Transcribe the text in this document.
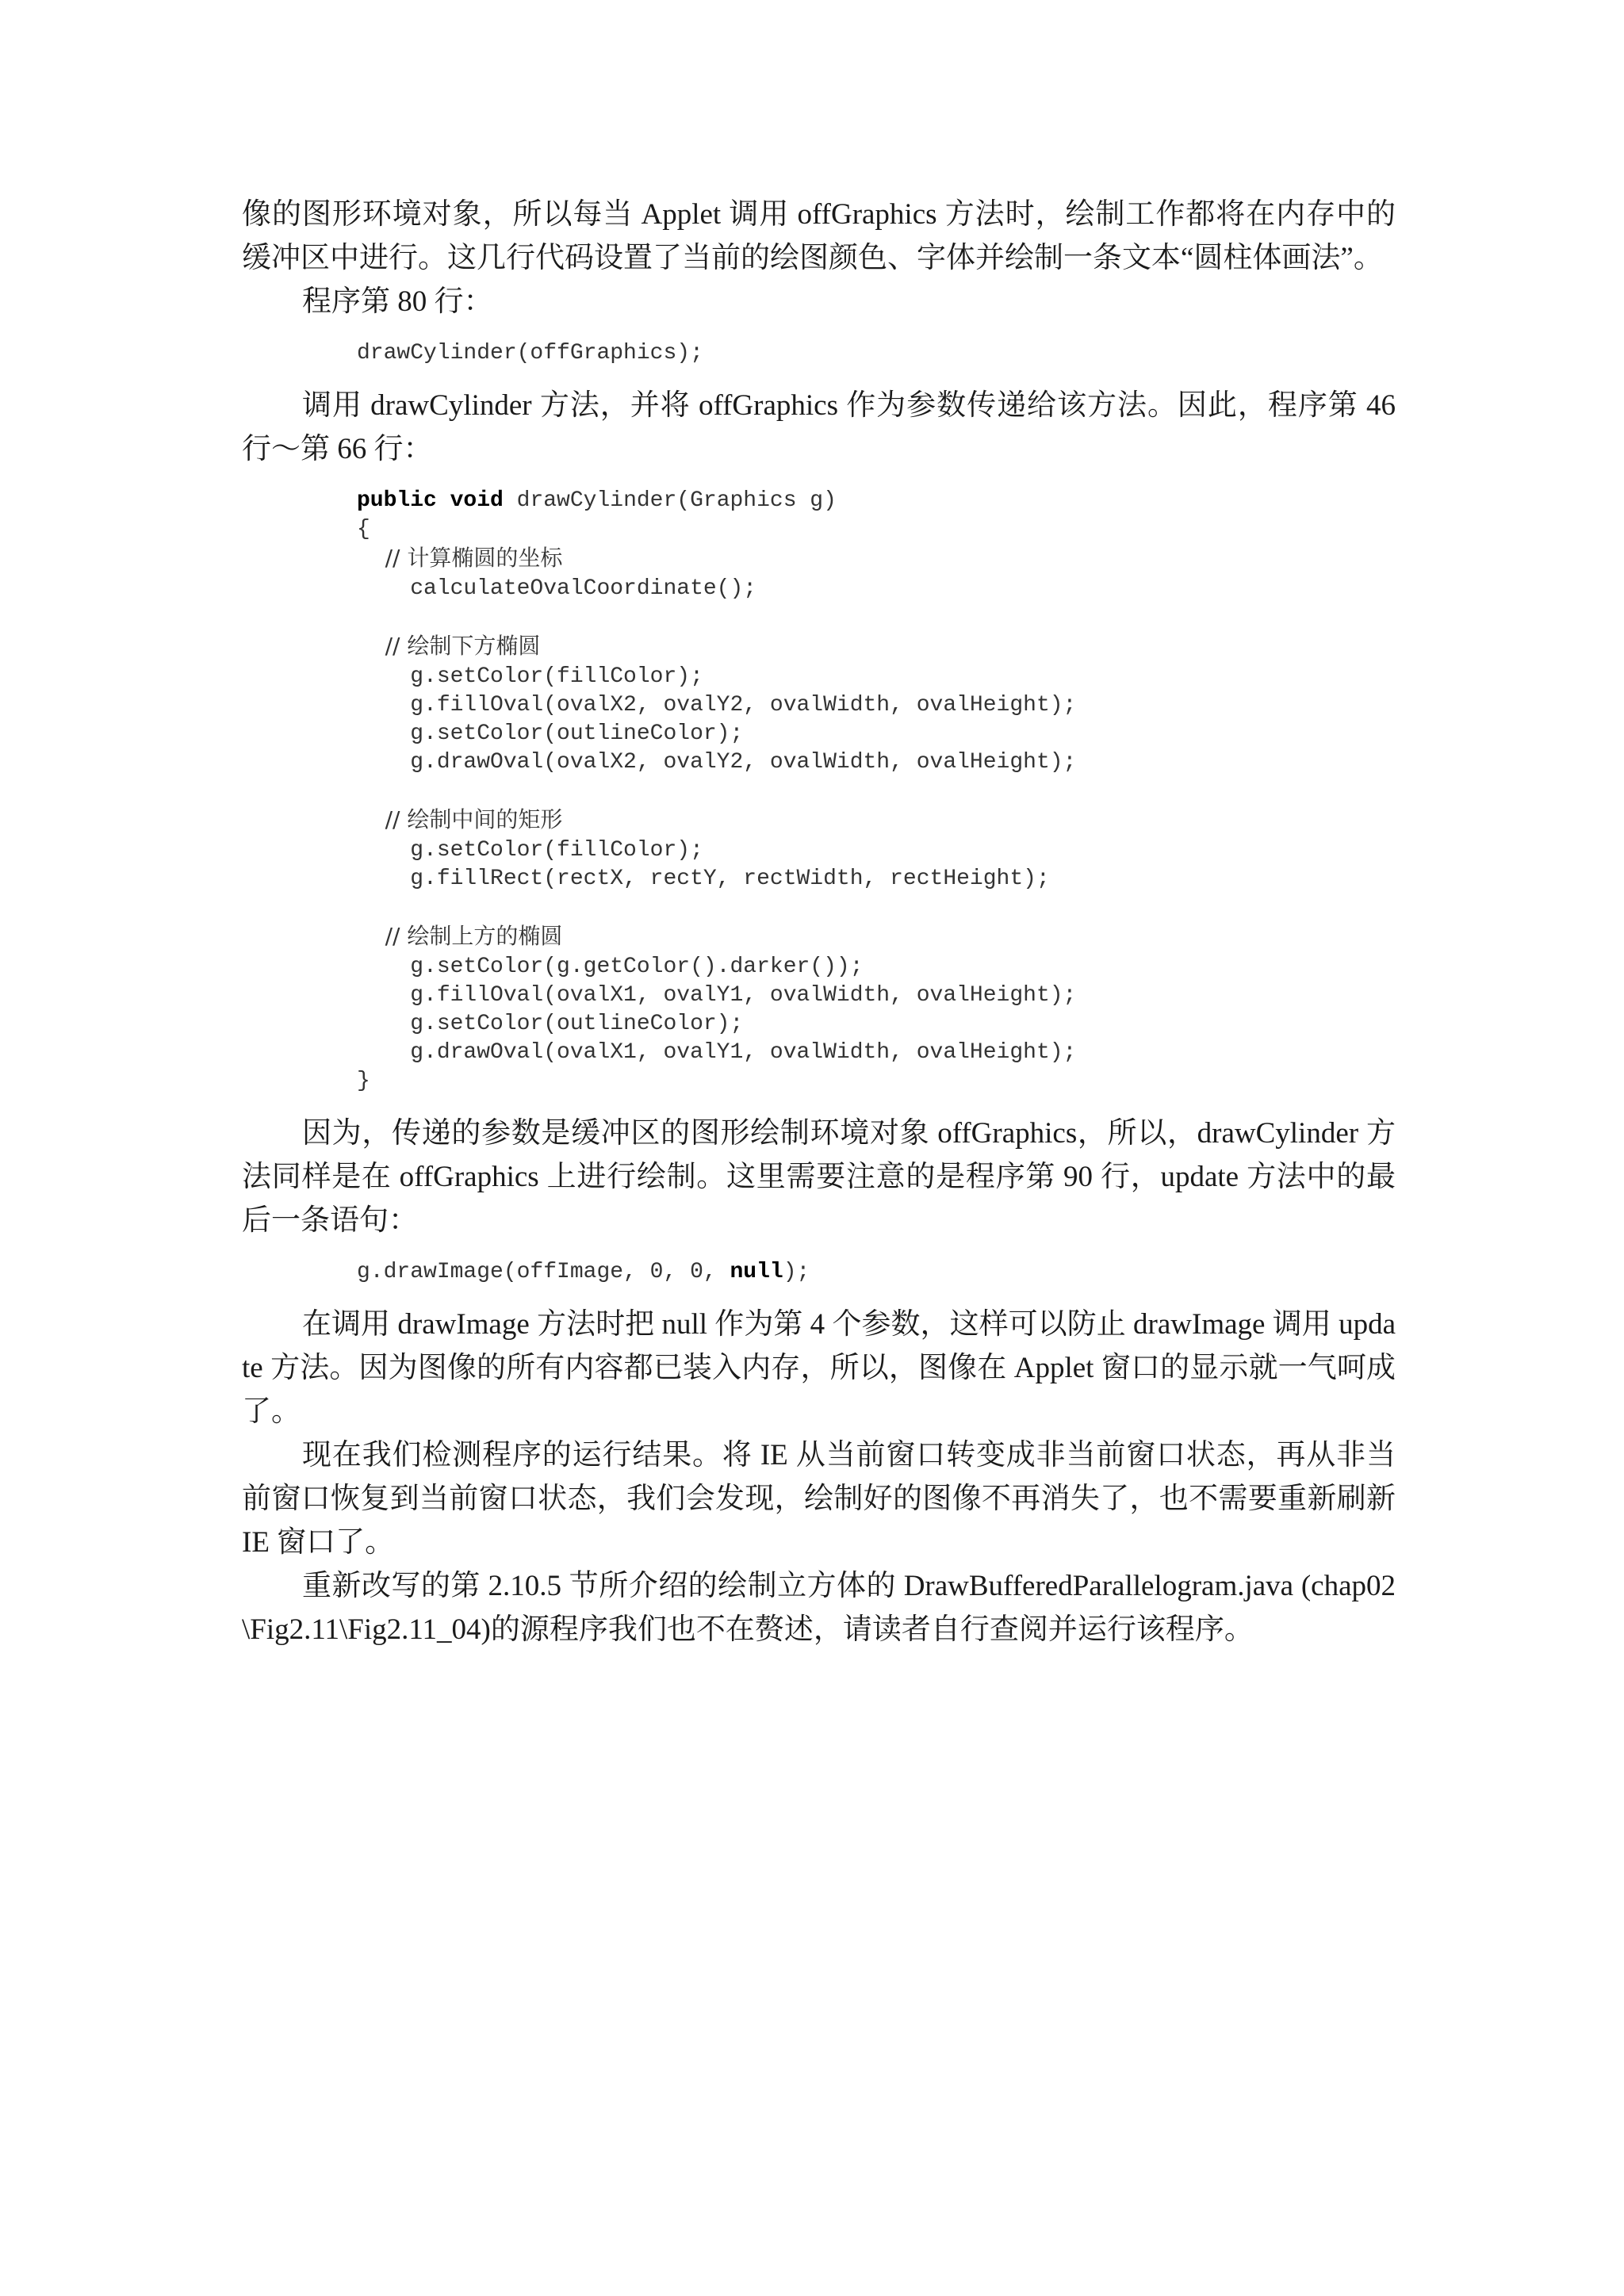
像的图形环境对象，所以每当 Applet 调用 offGraphics 方法时，绘制工作都将在内存中的缓冲区中进行。这几行代码设置了当前的绘图颜色、字体并绘制一条文本“圆柱体画法”。

程序第 80 行：

drawCylinder(offGraphics);

调用 drawCylinder 方法，并将 offGraphics 作为参数传递给该方法。因此，程序第 46 行～第 66 行：

public void drawCylinder(Graphics g)
{
// 计算椭圆的坐标
calculateOvalCoordinate();

// 绘制下方椭圆
g.setColor(fillColor);
g.fillOval(ovalX2, ovalY2, ovalWidth, ovalHeight);
g.setColor(outlineColor);
g.drawOval(ovalX2, ovalY2, ovalWidth, ovalHeight);

// 绘制中间的矩形
g.setColor(fillColor);
g.fillRect(rectX, rectY, rectWidth, rectHeight);

// 绘制上方的椭圆
g.setColor(g.getColor().darker());
g.fillOval(ovalX1, ovalY1, ovalWidth, ovalHeight);
g.setColor(outlineColor);
g.drawOval(ovalX1, ovalY1, ovalWidth, ovalHeight);
}

因为，传递的参数是缓冲区的图形绘制环境对象 offGraphics，所以，drawCylinder 方法同样是在 offGraphics 上进行绘制。这里需要注意的是程序第 90 行，update 方法中的最后一条语句：

g.drawImage(offImage, 0, 0, null);

在调用 drawImage 方法时把 null 作为第 4 个参数，这样可以防止 drawImage 调用 update 方法。因为图像的所有内容都已装入内存，所以，图像在 Applet 窗口的显示就一气呵成了。

现在我们检测程序的运行结果。将 IE 从当前窗口转变成非当前窗口状态，再从非当前窗口恢复到当前窗口状态，我们会发现，绘制好的图像不再消失了，也不需要重新刷新 IE 窗口了。

重新改写的第 2.10.5 节所介绍的绘制立方体的 DrawBufferedParallelogram.java (chap02\Fig2.11\Fig2.11_04)的源程序我们也不在赘述，请读者自行查阅并运行该程序。
